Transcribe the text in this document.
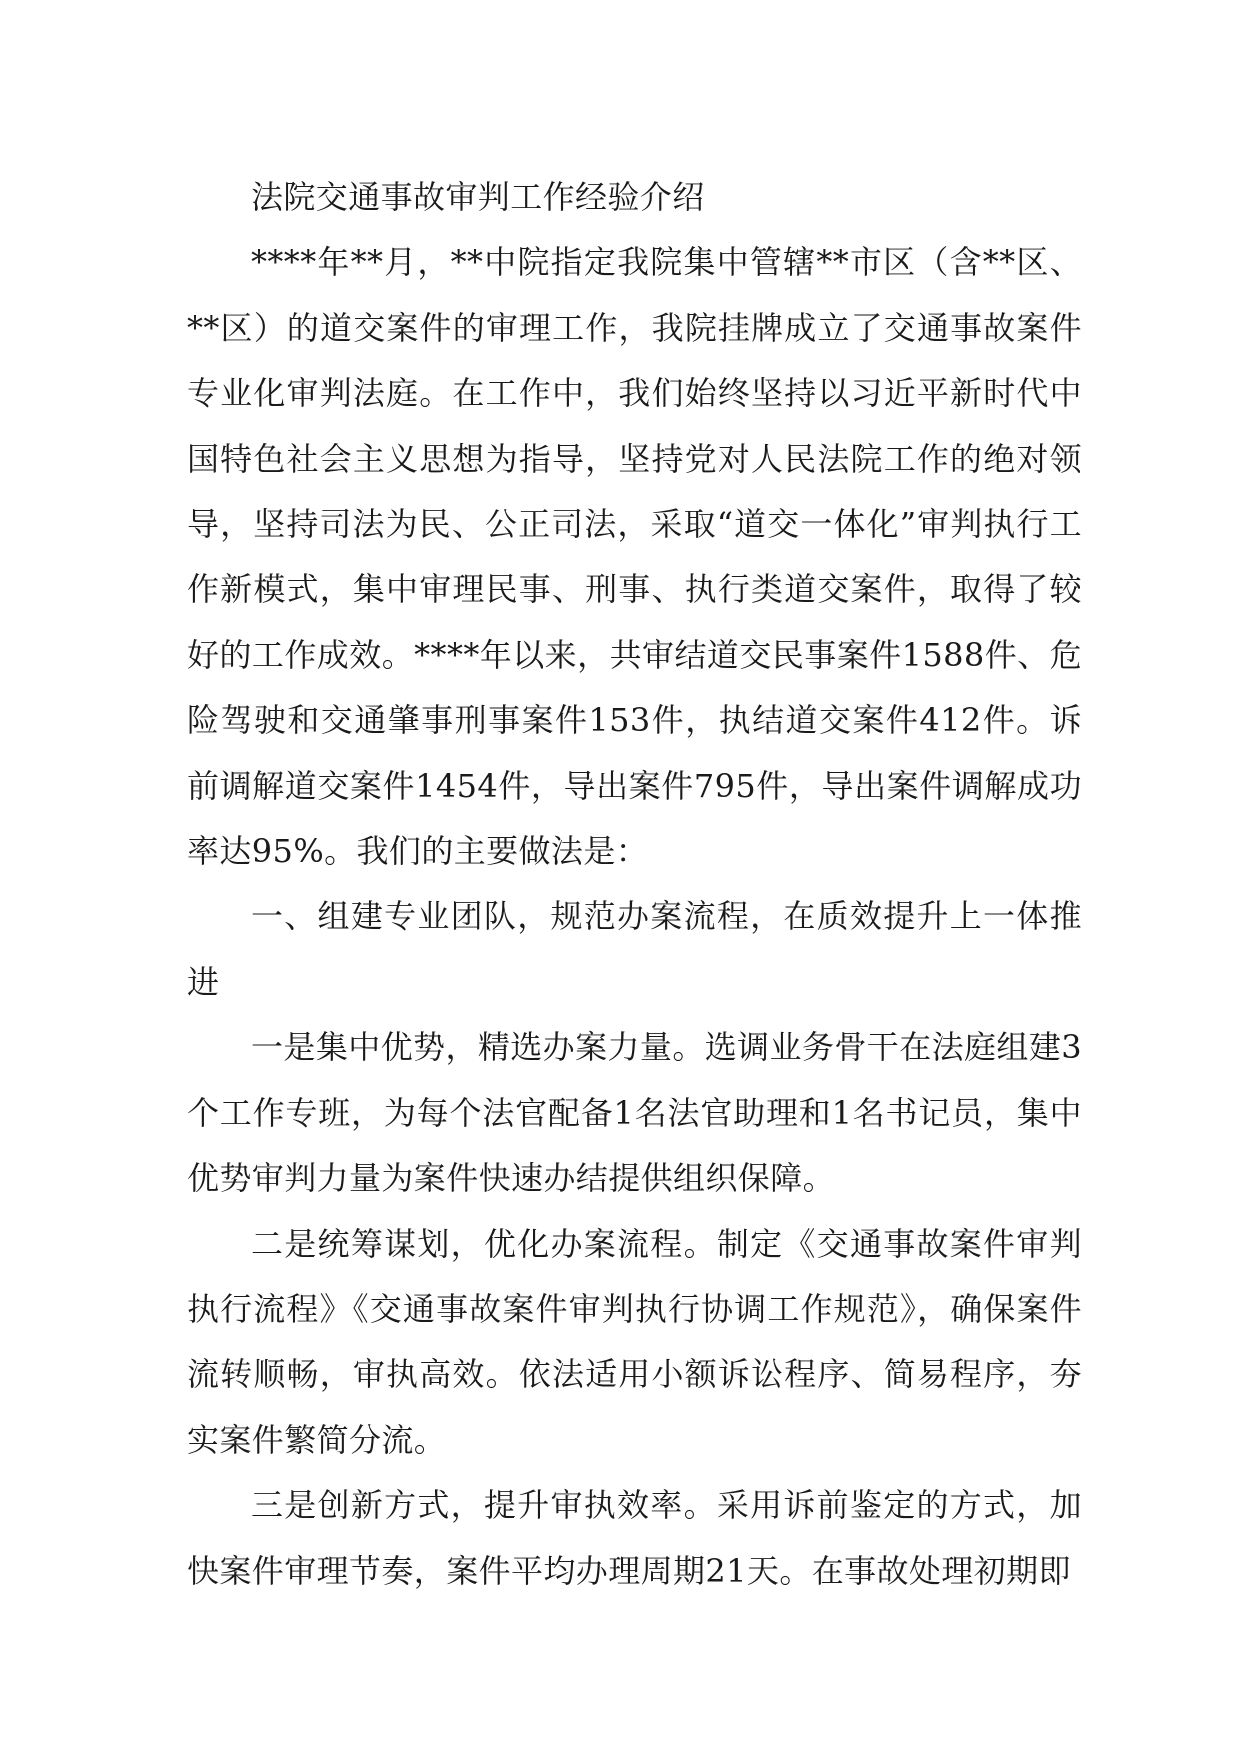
法院交通事故审判工作经验介绍

****年**月，**中院指定我院集中管辖**市区（含**区、**区）的道交案件的审理工作，我院挂牌成立了交通事故案件专业化审判法庭。在工作中，我们始终坚持以习近平新时代中国特色社会主义思想为指导，坚持党对人民法院工作的绝对领导，坚持司法为民、公正司法，采取“道交一体化”审判执行工作新模式，集中审理民事、刑事、执行类道交案件，取得了较好的工作成效。****年以来，共审结道交民事案件1588件、危险驾驶和交通肇事刑事案件153件，执结道交案件412件。诉前调解道交案件1454件，导出案件795件，导出案件调解成功率达95%。我们的主要做法是：

一、组建专业团队，规范办案流程，在质效提升上一体推进

一是集中优势，精选办案力量。选调业务骨干在法庭组建3个工作专班，为每个法官配备1名法官助理和1名书记员，集中优势审判力量为案件快速办结提供组织保障。

二是统筹谋划，优化办案流程。制定《交通事故案件审判执行流程》《交通事故案件审判执行协调工作规范》，确保案件流转顺畅，审执高效。依法适用小额诉讼程序、简易程序，夯实案件繁简分流。

三是创新方式，提升审执效率。采用诉前鉴定的方式，加快案件审理节奏，案件平均办理周期21天。在事故处理初期即
